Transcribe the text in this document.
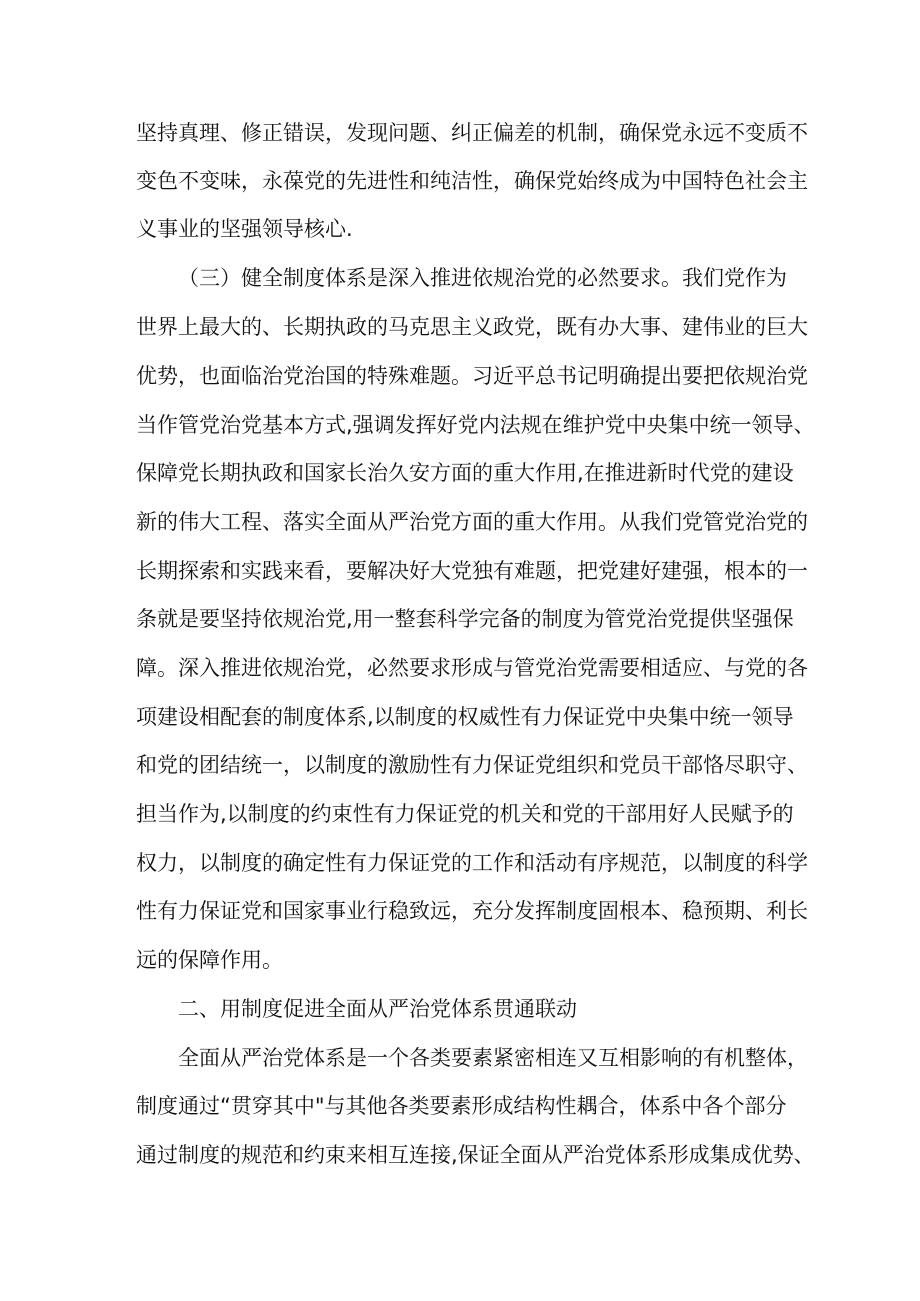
坚持真理、修正错误，发现问题、纠正偏差的机制，确保党永远不变质不
变色不变味，永葆党的先进性和纯洁性，确保党始终成为中国特色社会主
义事业的坚强领导核心.
（三）健全制度体系是深入推进依规治党的必然要求。我们党作为
世界上最大的、长期执政的马克思主义政党，既有办大事、建伟业的巨大
优势，也面临治党治国的特殊难题。习近平总书记明确提出要把依规治党
当作管党治党基本方式,强调发挥好党内法规在维护党中央集中统一领导、
保障党长期执政和国家长治久安方面的重大作用,在推进新时代党的建设
新的伟大工程、落实全面从严治党方面的重大作用。从我们党管党治党的
长期探索和实践来看，要解决好大党独有难题，把党建好建强，根本的一
条就是要坚持依规治党,用一整套科学完备的制度为管党治党提供坚强保
障。深入推进依规治党，必然要求形成与管党治党需要相适应、与党的各
项建设相配套的制度体系,以制度的权威性有力保证党中央集中统一领导
和党的团结统一，以制度的激励性有力保证党组织和党员干部恪尽职守、
担当作为,以制度的约束性有力保证党的机关和党的干部用好人民赋予的
权力，以制度的确定性有力保证党的工作和活动有序规范，以制度的科学
性有力保证党和国家事业行稳致远，充分发挥制度固根本、稳预期、利长
远的保障作用。
二、用制度促进全面从严治党体系贯通联动
全面从严治党体系是一个各类要素紧密相连又互相影响的有机整体，
制度通过“贯穿其中"与其他各类要素形成结构性耦合，体系中各个部分
通过制度的规范和约束来相互连接,保证全面从严治党体系形成集成优势、
